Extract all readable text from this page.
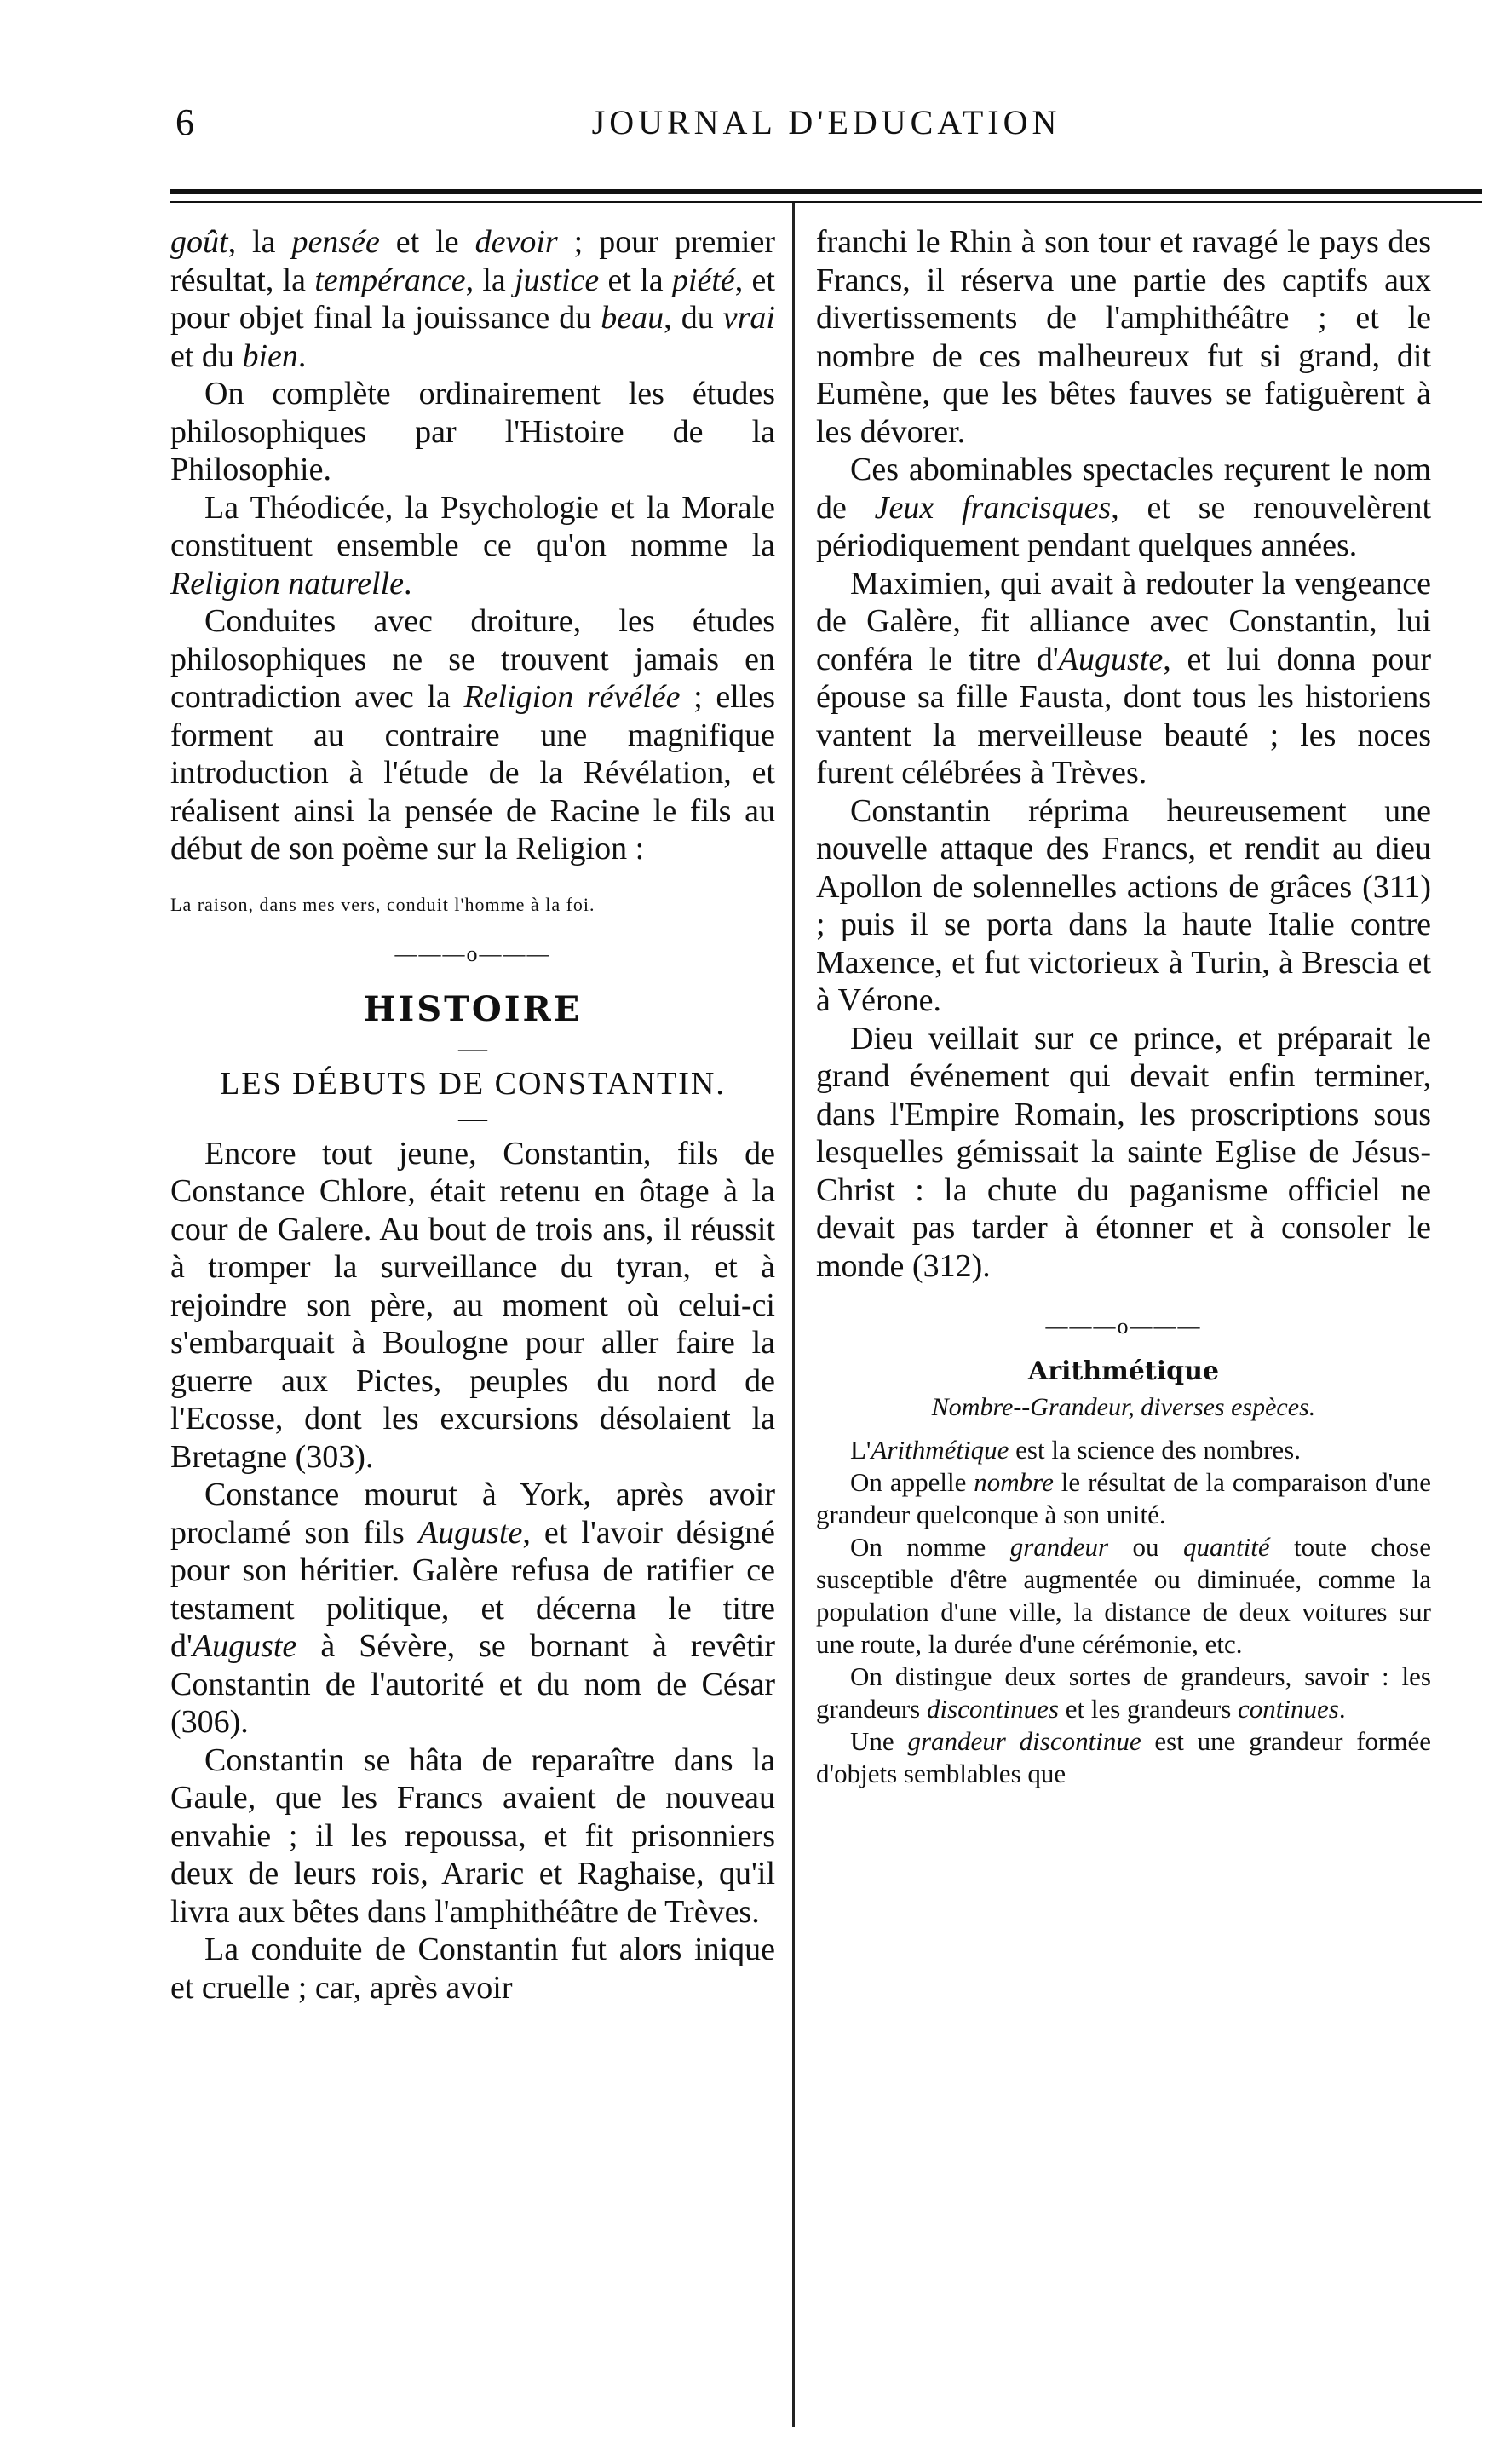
6	JOURNAL D'EDUCATION

goût, la pensée et le devoir ; pour premier résultat, la tempérance, la justice et la piété, et pour objet final la jouissance du beau, du vrai et du bien.

On complète ordinairement les études philosophiques par l'Histoire de la Philosophie.

La Théodicée, la Psychologie et la Morale constituent ensemble ce qu'on nomme la Religion naturelle.

Conduites avec droiture, les études philosophiques ne se trouvent jamais en contradiction avec la Religion révélée ; elles forment au contraire une magnifique introduction à l'étude de la Révélation, et réalisent ainsi la pensée de Racine le fils au début de son poème sur la Religion :

La raison, dans mes vers, conduit l'homme à la foi.

———o———
HISTOIRE
—
LES DÉBUTS DE CONSTANTIN.
—

Encore tout jeune, Constantin, fils de Constance Chlore, était retenu en ôtage à la cour de Galere. Au bout de trois ans, il réussit à tromper la surveillance du tyran, et à rejoindre son père, au moment où celui-ci s'embarquait à Boulogne pour aller faire la guerre aux Pictes, peuples du nord de l'Ecosse, dont les excursions désolaient la Bretagne (303).

Constance mourut à York, après avoir proclamé son fils Auguste, et l'avoir désigné pour son héritier. Galère refusa de ratifier ce testament politique, et décerna le titre d'Auguste à Sévère, se bornant à revêtir Constantin de l'autorité et du nom de César (306).

Constantin se hâta de reparaître dans la Gaule, que les Francs avaient de nouveau envahie ; il les repoussa, et fit prisonniers deux de leurs rois, Araric et Raghaise, qu'il livra aux bêtes dans l'amphithéâtre de Trèves.

La conduite de Constantin fut alors inique et cruelle ; car, après avoir

franchi le Rhin à son tour et ravagé le pays des Francs, il réserva une partie des captifs aux divertissements de l'amphithéâtre ; et le nombre de ces malheureux fut si grand, dit Eumène, que les bêtes fauves se fatiguèrent à les dévorer.

Ces abominables spectacles reçurent le nom de Jeux francisques, et se renouvelèrent périodiquement pendant quelques années.

Maximien, qui avait à redouter la vengeance de Galère, fit alliance avec Constantin, lui conféra le titre d'Auguste, et lui donna pour épouse sa fille Fausta, dont tous les historiens vantent la merveilleuse beauté ; les noces furent célébrées à Trèves.

Constantin réprima heureusement une nouvelle attaque des Francs, et rendit au dieu Apollon de solennelles actions de grâces (311) ; puis il se porta dans la haute Italie contre Maxence, et fut victorieux à Turin, à Brescia et à Vérone.

Dieu veillait sur ce prince, et préparait le grand événement qui devait enfin terminer, dans l'Empire Romain, les proscriptions sous lesquelles gémissait la sainte Eglise de Jésus-Christ : la chute du paganisme officiel ne devait pas tarder à étonner et à consoler le monde (312).

———o———
Arithmétique
Nombre--Grandeur, diverses espèces.

L'Arithmétique est la science des nombres.

On appelle nombre le résultat de la comparaison d'une grandeur quelconque à son unité.

On nomme grandeur ou quantité toute chose susceptible d'être augmentée ou diminuée, comme la population d'une ville, la distance de deux voitures sur une route, la durée d'une cérémonie, etc.

On distingue deux sortes de grandeurs, savoir : les grandeurs discontinues et les grandeurs continues.

Une grandeur discontinue est une grandeur formée d'objets semblables que
